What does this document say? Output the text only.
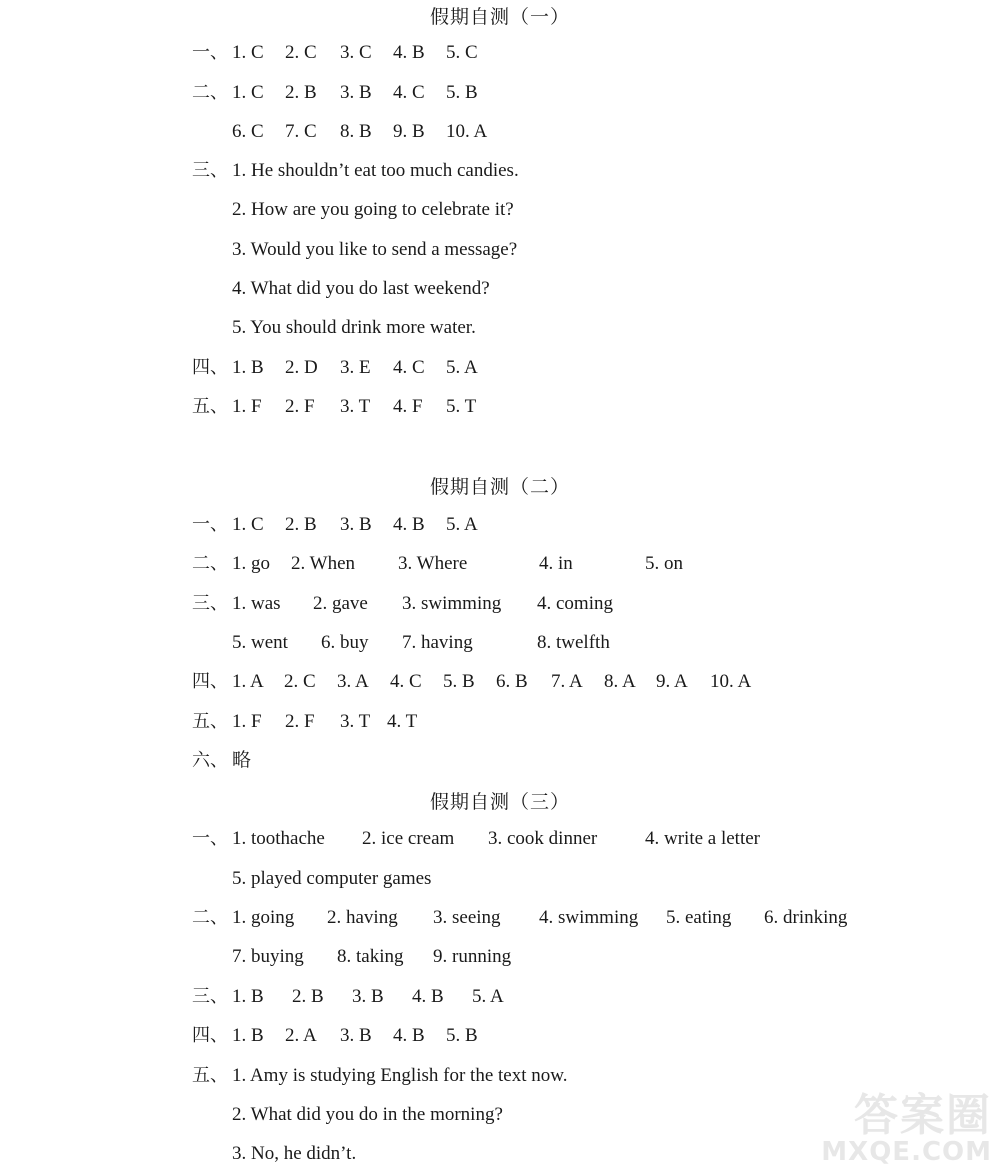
假期自测（一）
一、 1. C 2. C 3. C 4. B 5. C
二、 1. C 2. B 3. B 4. C 5. B
6. C 7. C 8. B 9. B 10. A
三、 1. He shouldn’t eat too much candies.
2. How are you going to celebrate it?
3. Would you like to send a message?
4. What did you do last weekend?
5. You should drink more water.
四、 1. B 2. D 3. E 4. C 5. A
五、 1. F 2. F 3. T 4. F 5. T
假期自测（二）
一、 1. C 2. B 3. B 4. B 5. A
二、 1. go 2. When 3. Where	4. in	5. on
三、 1. was 2. gave 3. swimming 4. coming
5. went 6. buy 7. having	8. twelfth
四、 1. A 2. C 3. A 4. C 5. B 6. B 7. A 8. A 9. A 10. A
五、 1. F 2. F 3. T 4. T
六、 略
假期自测（三）
一、 1. toothache 2. ice cream 3. cook dinner	4. write a letter
5. played computer games
二、 1. going 2. having 3. seeing 4. swimming 5. eating 6. drinking
7. buying 8. taking 9. running
三、 1. B 2. B 3. B 4. B 5. A
四、 1. B 2. A 3. B 4. B 5. B
五、 1. Amy is studying English for the text now.
2. What did you do in the morning?
3. No, he didn’t.
答案圈
MXQE.COM
